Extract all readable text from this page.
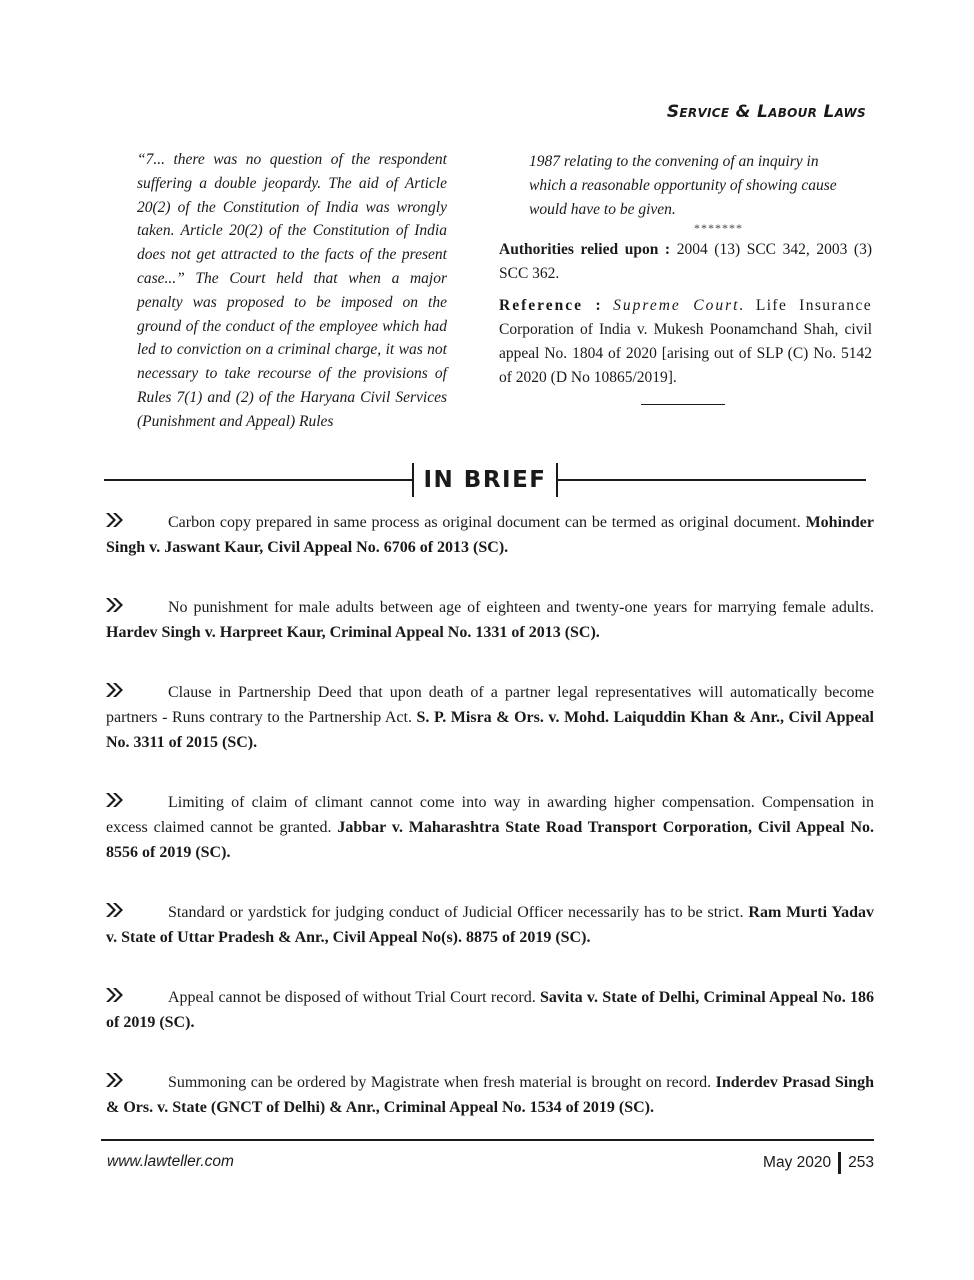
Service & Labour Laws
“7... there was no question of the respondent suffering a double jeopardy. The aid of Article 20(2) of the Constitution of India was wrongly taken. Article 20(2) of the Constitution of India does not get attracted to the facts of the present case...” The Court held that when a major penalty was proposed to be imposed on the ground of the conduct of the employee which had led to conviction on a criminal charge, it was not necessary to take recourse of the provisions of Rules 7(1) and (2) of the Haryana Civil Services (Punishment and Appeal) Rules
1987 relating to the convening of an inquiry in which a reasonable opportunity of showing cause would have to be given.
*******
Authorities relied upon : 2004 (13) SCC 342, 2003 (3) SCC 362.
Reference : Supreme Court. Life Insurance Corporation of India v. Mukesh Poonamchand Shah, civil appeal No. 1804 of 2020 [arising out of SLP (C) No. 5142 of 2020 (D No 10865/2019].
IN BRIEF
Carbon copy prepared in same process as original document can be termed as original document. Mohinder Singh v. Jaswant Kaur, Civil Appeal No. 6706 of 2013 (SC).
No punishment for male adults between age of eighteen and twenty-one years for marrying female adults. Hardev Singh v. Harpreet Kaur, Criminal Appeal No. 1331 of 2013 (SC).
Clause in Partnership Deed that upon death of a partner legal representatives will automatically become partners - Runs contrary to the Partnership Act. S. P. Misra & Ors. v. Mohd. Laiquddin Khan & Anr., Civil Appeal No. 3311 of 2015 (SC).
Limiting of claim of climant cannot come into way in awarding higher compensation. Compensation in excess claimed cannot be granted. Jabbar v. Maharashtra State Road Transport Corporation, Civil Appeal No. 8556 of 2019 (SC).
Standard or yardstick for judging conduct of Judicial Officer necessarily has to be strict. Ram Murti Yadav v. State of Uttar Pradesh & Anr., Civil Appeal No(s). 8875 of 2019 (SC).
Appeal cannot be disposed of without Trial Court record. Savita v. State of Delhi, Criminal Appeal No. 186 of 2019 (SC).
Summoning can be ordered by Magistrate when fresh material is brought on record. Inderdev Prasad Singh & Ors. v. State (GNCT of Delhi) & Anr., Criminal Appeal No. 1534 of 2019 (SC).
www.lawteller.com	May 2020 253
